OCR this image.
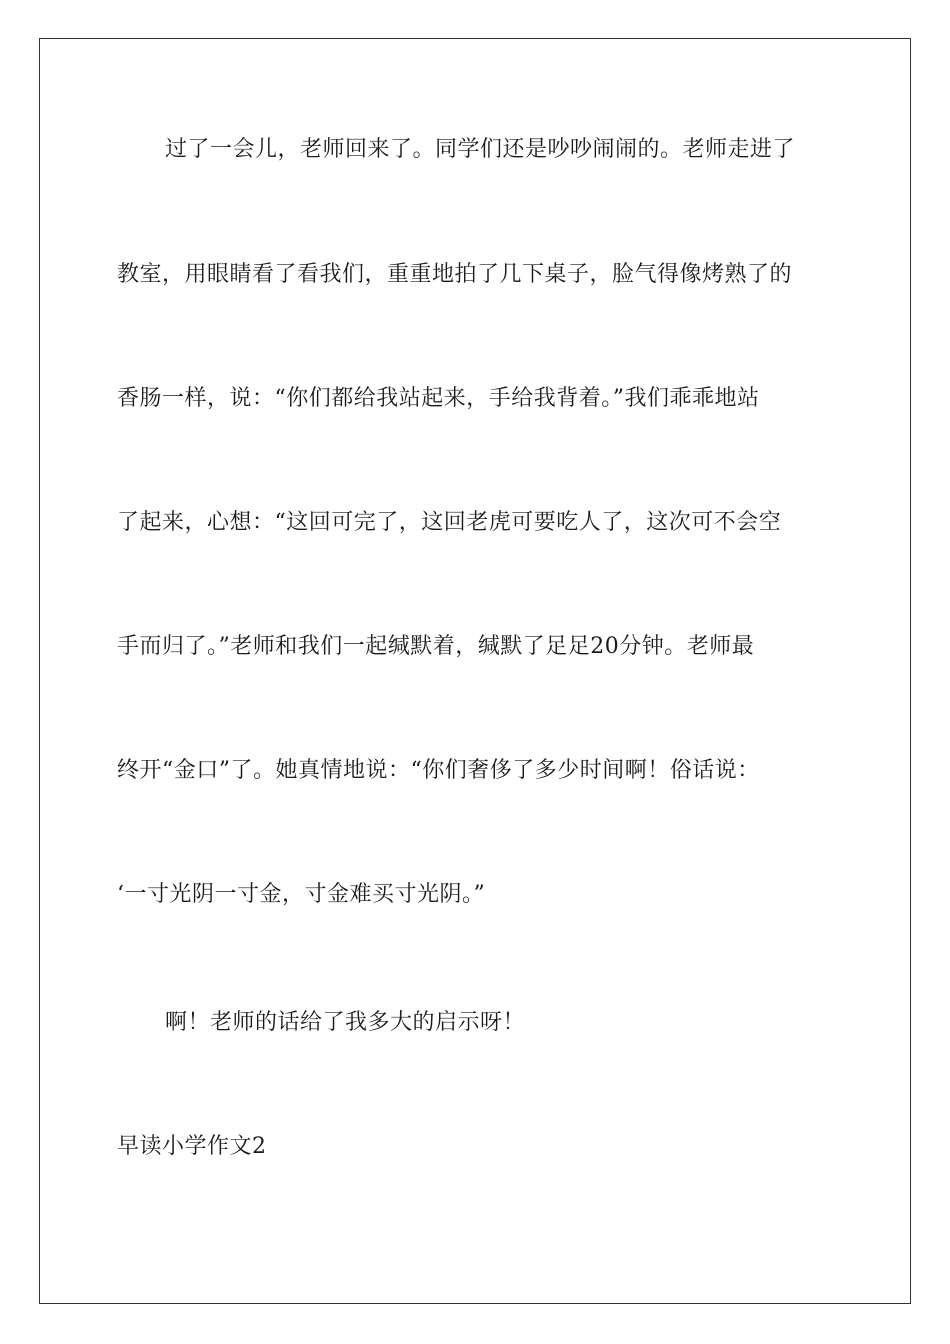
过了一会儿，老师回来了。同学们还是吵吵闹闹的。老师走进了
教室，用眼睛看了看我们，重重地拍了几下桌子，脸气得像烤熟了的
香肠一样，说：“你们都给我站起来，手给我背着。”我们乖乖地站
了起来，心想：“这回可完了，这回老虎可要吃人了，这次可不会空
手而归了。”老师和我们一起缄默着，缄默了足足20分钟。老师最
终开“金口”了。她真情地说：“你们奢侈了多少时间啊！俗话说：
‘一寸光阴一寸金，寸金难买寸光阴。”
啊！老师的话给了我多大的启示呀！
早读小学作文2
